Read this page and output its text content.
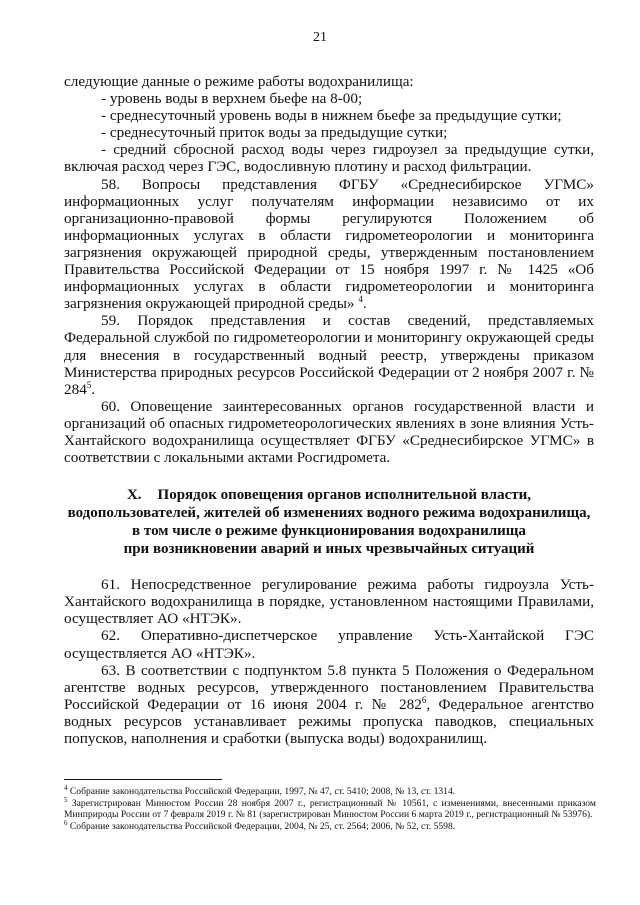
21

следующие данные о режиме работы водохранилища:

- уровень воды в верхнем бьефе на 8-00;

- среднесуточный уровень воды в нижнем бьефе за предыдущие сутки;

- среднесуточный приток воды за предыдущие сутки;

- средний сбросной расход воды через гидроузел за предыдущие сутки, включая расход через ГЭС, водосливную плотину и расход фильтрации.

58. Вопросы представления ФГБУ «Среднесибирское УГМС» информационных услуг получателям информации независимо от их организационно-правовой формы регулируются Положением об информационных услугах в области гидрометеорологии и мониторинга загрязнения окружающей природной среды, утвержденным постановлением Правительства Российской Федерации от 15 ноября 1997 г. № 1425 «Об информационных услугах в области гидрометеорологии и мониторинга загрязнения окружающей природной среды» $^4$.

59. Порядок представления и состав сведений, представляемых Федеральной службой по гидрометеорологии и мониторингу окружающей среды для внесения в государственный водный реестр, утверждены приказом Министерства природных ресурсов Российской Федерации от 2 ноября 2007 г. № $284^5$.

60. Оповещение заинтересованных органов государственной власти и организаций об опасных гидрометеорологических явлениях в зоне влияния Усть-Хантайского водохранилища осуществляет ФГБУ «Среднесибирское УГМС» в соответствии с локальными актами Росгидромета.

X. Порядок оповещения органов исполнительной власти,
водопользователей, жителей об изменениях водного режима водохранилища,
в том числе о режиме функционирования водохранилища
при возникновении аварий и иных чрезвычайных ситуаций

61. Непосредственное регулирование режима работы гидроузла Усть-Хантайского водохранилища в порядке, установленном настоящими Правилами, осуществляет АО «НТЭК».

62. Оперативно-диспетчерское управление Усть-Хантайской ГЭС осуществляется АО «НТЭК».

63. В соответствии с подпунктом 5.8 пункта 5 Положения о Федеральном агентстве водных ресурсов, утвержденного постановлением Правительства Российской Федерации от 16 июня 2004 г. № $282^6$, Федеральное агентство водных ресурсов устанавливает режимы пропуска паводков, специальных попусков, наполнения и сработки (выпуска воды) водохранилищ.

$^4$ Собрание законодательства Российской Федерации, 1997, № 47, ст. 5410; 2008, № 13, ст. 1314.

$^5$ Зарегистрирован Минюстом России 28 ноября 2007 г., регистрационный № 10561, с изменениями, внесенными приказом Минприроды России от 7 февраля 2019 г. № 81 (зарегистрирован Минюстом России 6 марта 2019 г., регистрационный № 53976).

$^6$ Собрание законодательства Российской Федерации, 2004, № 25, ст. 2564; 2006, № 52, ст. 5598.
